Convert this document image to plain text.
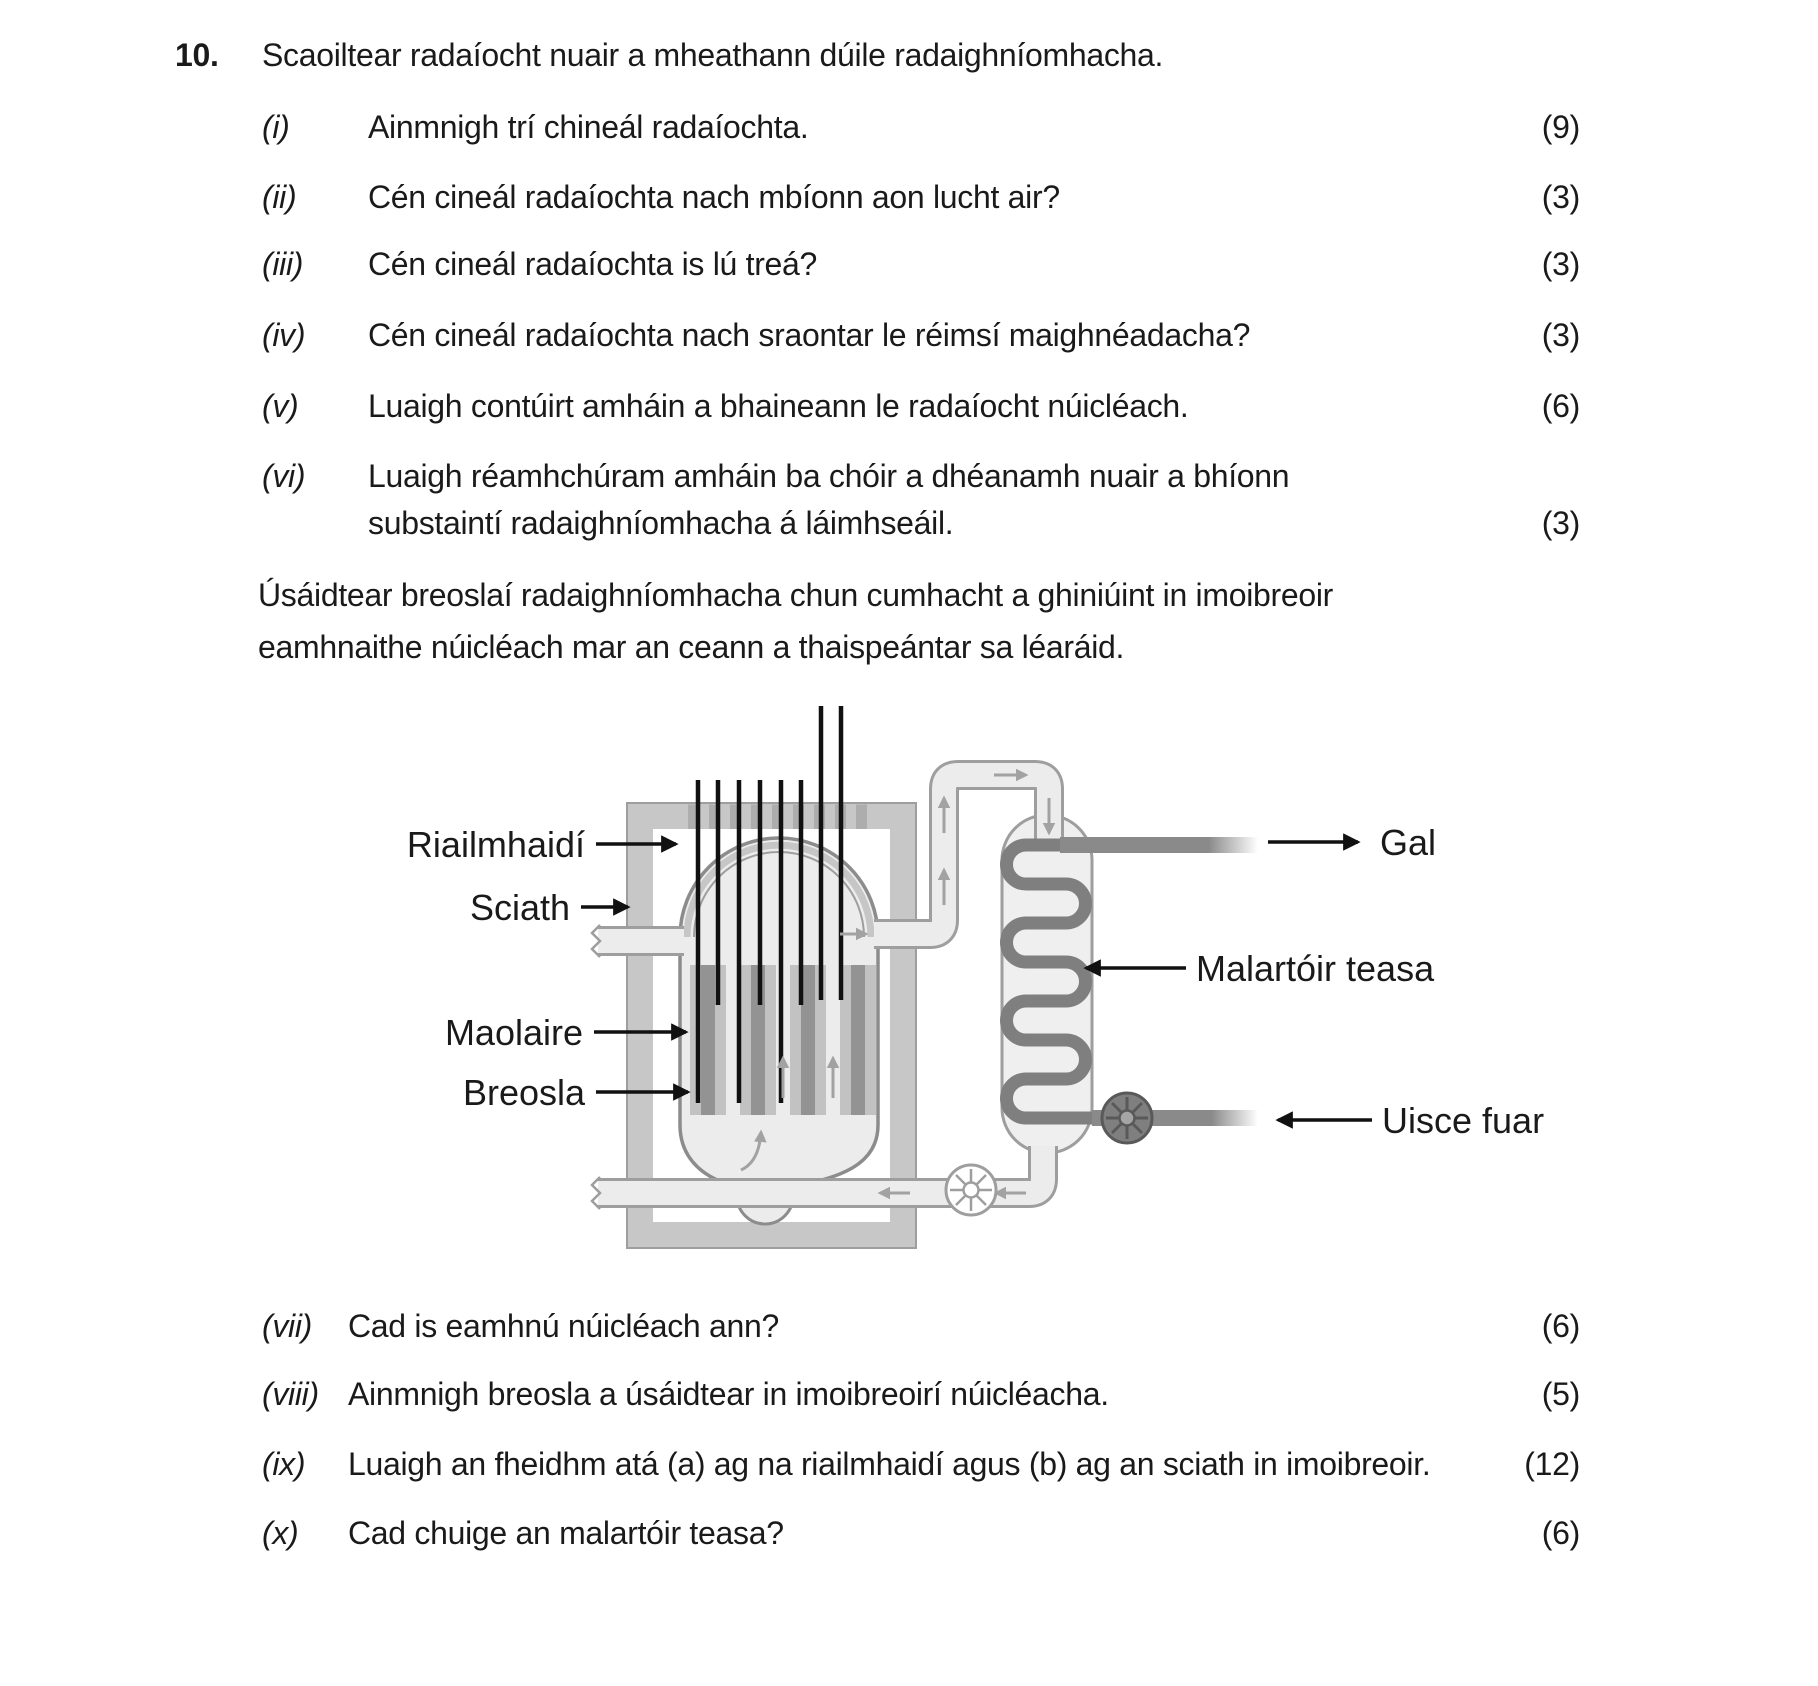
10. Scaoiltear radaíocht nuair a mheathann dúile radaighníomhacha.
(i) Ainmnigh trí chineál radaíochta.	(9)
(ii) Cén cineál radaíochta nach mbíonn aon lucht air?	(3)
(iii) Cén cineál radaíochta is lú treá?	(3)
(iv) Cén cineál radaíochta nach sraontar le réimsí maighnéadacha?	(3)
(v) Luaigh contúirt amháin a bhaineann le radaíocht núicléach.	(6)
(vi) Luaigh réamhchúram amháin ba chóir a dhéanamh nuair a bhíonn
substaintí radaighníomhacha á láimhseáil.	(3)
Úsáidtear breoslaí radaighníomhacha chun cumhacht a ghiniúint in imoibreoir
eamhnaithe núicléach mar an ceann a thaispeántar sa léaráid.
Riailmhaidí
Sciath
Maolaire
Breosla
Gal
Malartóir teasa
Uisce fuar
(vii) Cad is eamhnú núicléach ann?	(6)
(viii) Ainmnigh breosla a úsáidtear in imoibreoirí núicléacha.	(5)
(ix) Luaigh an fheidhm atá (a) ag na riailmhaidí agus (b) ag an sciath in imoibreoir.	(12)
(x) Cad chuige an malartóir teasa?	(6)
